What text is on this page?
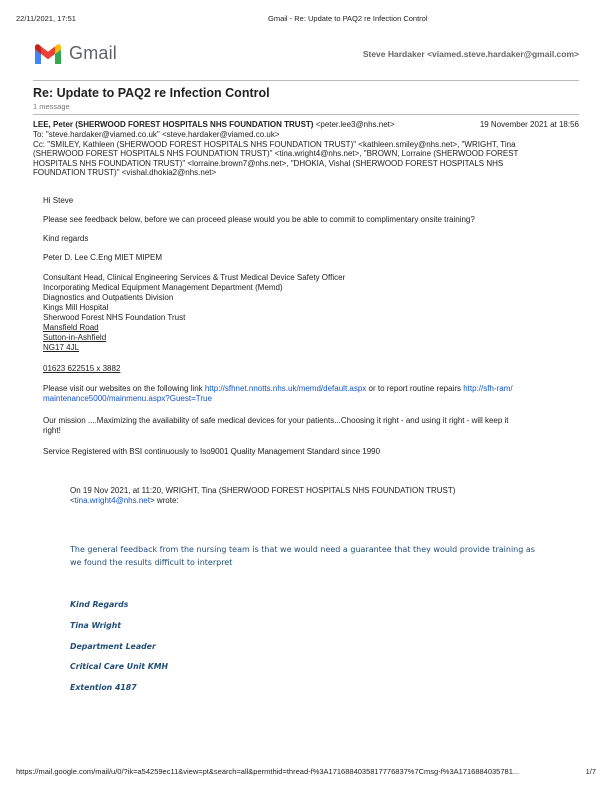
22/11/2021, 17:51	Gmail - Re: Update to PAQ2 re Infection Control
Gmail	Steve Hardaker <viamed.steve.hardaker@gmail.com>
Re: Update to PAQ2 re Infection Control
1 message
LEE, Peter (SHERWOOD FOREST HOSPITALS NHS FOUNDATION TRUST) <peter.lee3@nhs.net>	19 November 2021 at 18:56
To: "steve.hardaker@viamed.co.uk" <steve.hardaker@viamed.co.uk>
Cc: "SMILEY, Kathleen (SHERWOOD FOREST HOSPITALS NHS FOUNDATION TRUST)" <kathleen.smiley@nhs.net>, "WRIGHT, Tina
(SHERWOOD FOREST HOSPITALS NHS FOUNDATION TRUST)" <tina.wright4@nhs.net>, "BROWN, Lorraine (SHERWOOD FOREST
HOSPITALS NHS FOUNDATION TRUST)" <lorraine.brown7@nhs.net>, "DHOKIA, Vishal (SHERWOOD FOREST HOSPITALS NHS
FOUNDATION TRUST)" <vishal.dhokia2@nhs.net>
Hi Steve
Please see feedback below, before we can proceed please would you be able to commit to complimentary onsite training?
Kind regards
Peter D. Lee C.Eng MIET MIPEM
Consultant Head, Clinical Engineering Services & Trust Medical Device Safety Officer
Incorporating Medical Equipment Management Department (Memd)
Diagnostics and Outpatients Division
Kings Mill Hospital
Sherwood Forest NHS Foundation Trust
Mansfield Road
Sutton-in-Ashfield
NG17 4JL
01623 622515 x 3882
Please visit our websites on the following link http://sfhnet.nnotts.nhs.uk/memd/default.aspx or to report routine repairs http://sfh-ram/
maintenance5000/mainmenu.aspx?Guest=True
Our mission ....Maximizing the availability of safe medical devices for your patients...Choosing it right - and using it right - will keep it
right!
Service Registered with BSI continuously to Iso9001 Quality Management Standard since 1990
On 19 Nov 2021, at 11:20, WRIGHT, Tina (SHERWOOD FOREST HOSPITALS NHS FOUNDATION TRUST)
<tina.wright4@nhs.net> wrote:
The general feedback from the nursing team is that we would need a guarantee that they would provide training as
we found the results difficult to interpret
Kind Regards
Tina Wright
Department Leader
Critical Care Unit KMH
Extention 4187
https://mail.google.com/mail/u/0/?ik=a54259ec11&view=pt&search=all&permthid=thread-f%3A1716884035817776837%7Cmsg-f%3A1716884035781...	1/7
